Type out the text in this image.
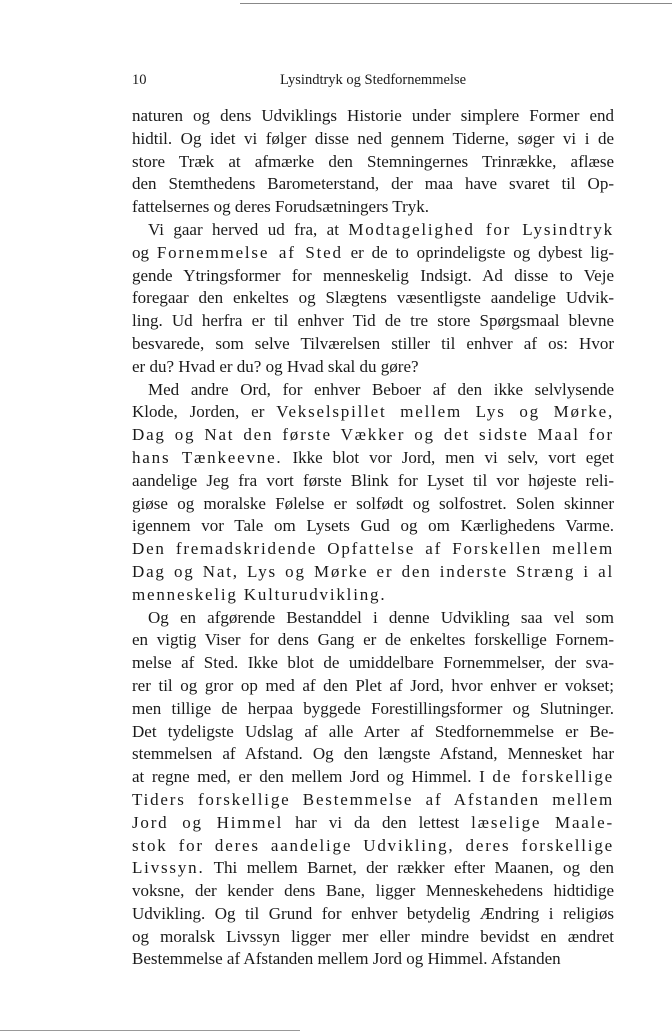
10	Lysindtryk og Stedfornemmelse

naturen og dens Udviklings Historie under simplere Former end
hidtil. Og idet vi følger disse ned gennem Tiderne, søger vi i de
store Træk at afmærke den Stemningernes Trinrække, aflæse
den Stemthedens Barometerstand, der maa have svaret til Op-
fattelsernes og deres Forudsætningers Tryk.

Vi gaar herved ud fra, at Modtagelighed for Lysindtryk
og Fornemmelse af Sted er de to oprindeligste og dybest lig-
gende Ytringsformer for menneskelig Indsigt. Ad disse to Veje
foregaar den enkeltes og Slægtens væsentligste aandelige Udvik-
ling. Ud herfra er til enhver Tid de tre store Spørgsmaal blevne
besvarede, som selve Tilværelsen stiller til enhver af os: Hvor
er du? Hvad er du? og Hvad skal du gøre?

Med andre Ord, for enhver Beboer af den ikke selvlysende
Klode, Jorden, er Vekselspillet mellem Lys og Mørke,
Dag og Nat den første Vækker og det sidste Maal for
hans Tænkeevne. Ikke blot vor Jord, men vi selv, vort eget
aandelige Jeg fra vort første Blink for Lyset til vor højeste reli-
giøse og moralske Følelse er solfødt og solfostret. Solen skinner
igennem vor Tale om Lysets Gud og om Kærlighedens Varme.
Den fremadskridende Opfattelse af Forskellen mellem
Dag og Nat, Lys og Mørke er den inderste Stræng i al
menneskelig Kulturudvikling.

Og en afgørende Bestanddel i denne Udvikling saa vel som
en vigtig Viser for dens Gang er de enkeltes forskellige Fornem-
melse af Sted. Ikke blot de umiddelbare Fornemmelser, der sva-
rer til og gror op med af den Plet af Jord, hvor enhver er vokset;
men tillige de herpaa byggede Forestillingsformer og Slutninger.
Det tydeligste Udslag af alle Arter af Stedfornemmelse er Be-
stemmelsen af Afstand. Og den længste Afstand, Mennesket har
at regne med, er den mellem Jord og Himmel. I de forskellige
Tiders forskellige Bestemmelse af Afstanden mellem
Jord og Himmel har vi da den lettest læselige Maale-
stok for deres aandelige Udvikling, deres forskellige
Livssyn. Thi mellem Barnet, der rækker efter Maanen, og den
voksne, der kender dens Bane, ligger Menneskehedens hidtidige
Udvikling. Og til Grund for enhver betydelig Ændring i religiøs
og moralsk Livssyn ligger mer eller mindre bevidst en ændret
Bestemmelse af Afstanden mellem Jord og Himmel. Afstanden
